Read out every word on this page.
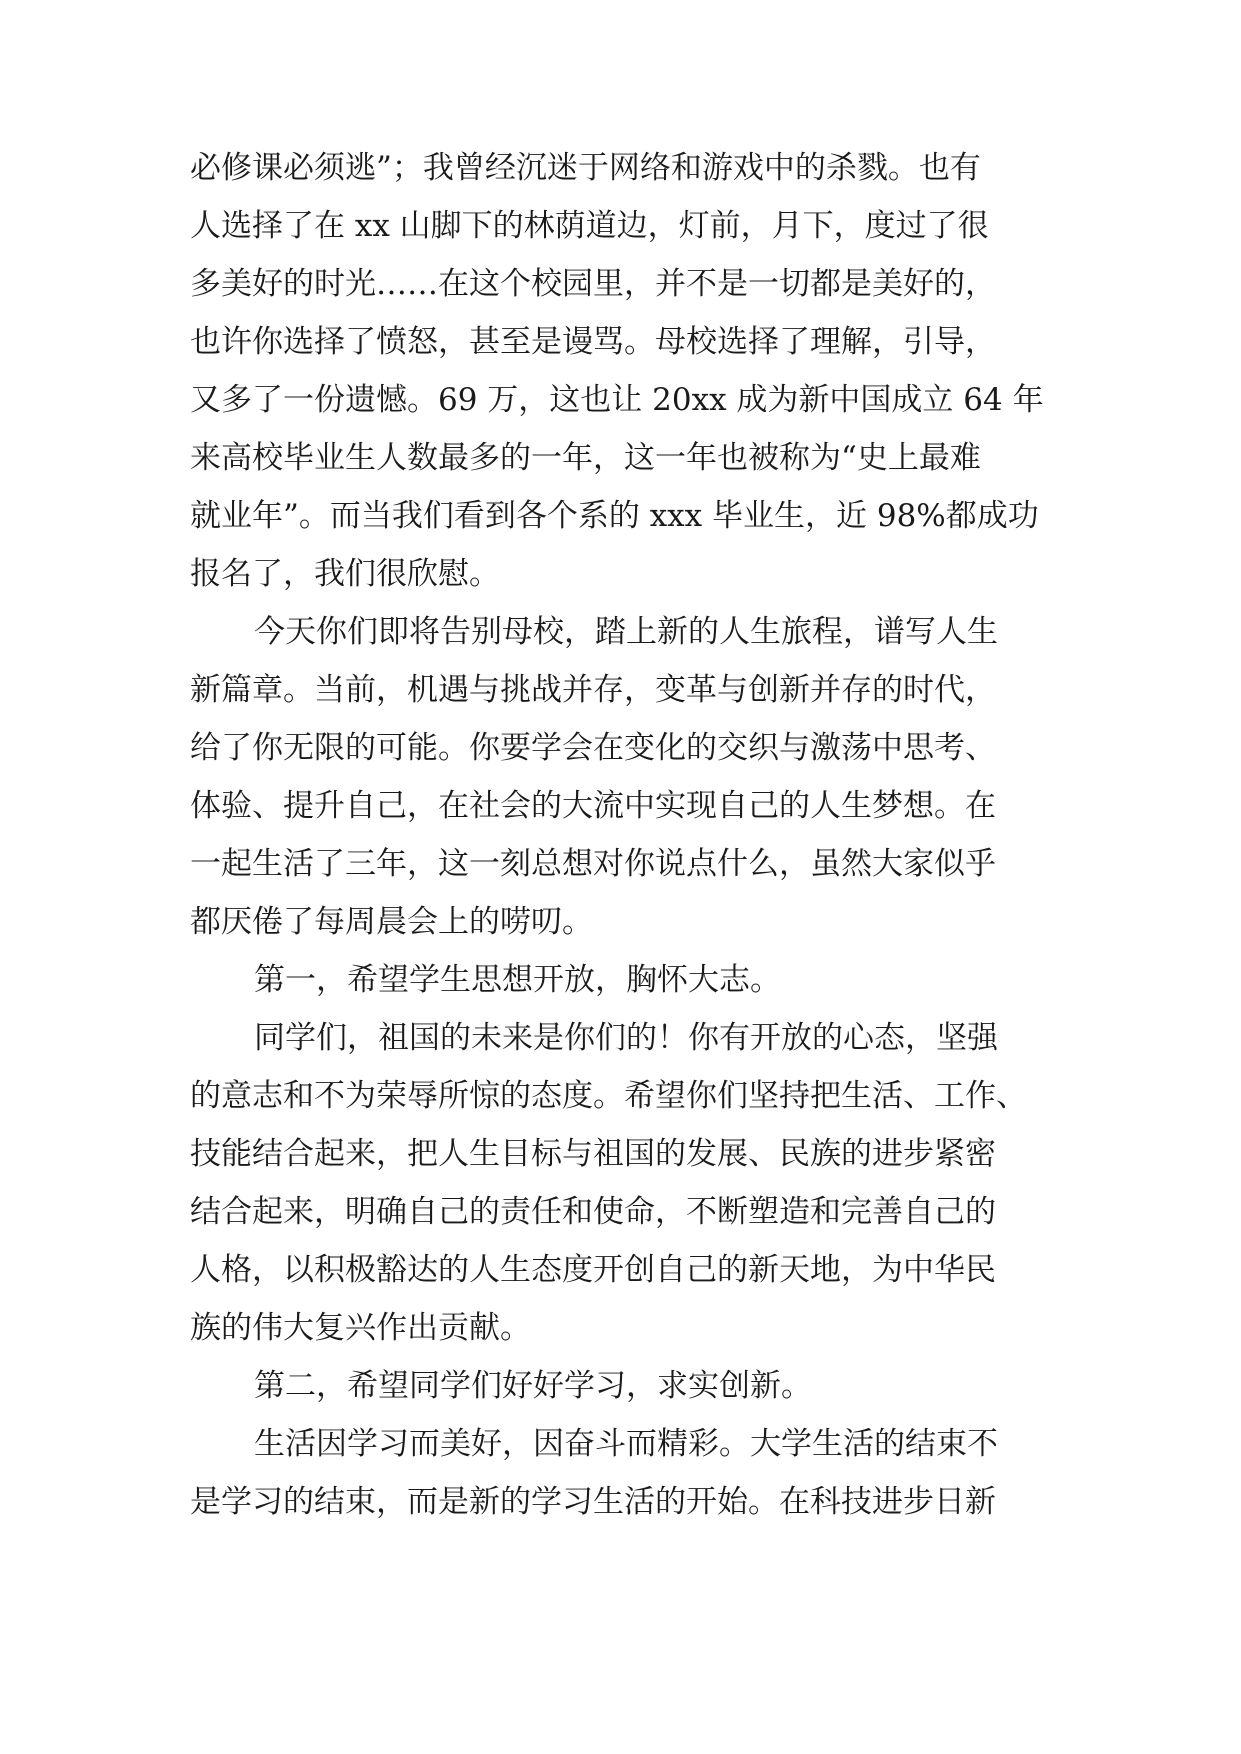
必修课必须逃”；我曾经沉迷于网络和游戏中的杀戮。也有
人选择了在 xx 山脚下的林荫道边，灯前，月下，度过了很
多美好的时光……在这个校园里，并不是一切都是美好的，
也许你选择了愤怒，甚至是谩骂。母校选择了理解，引导，
又多了一份遗憾。69 万，这也让 20xx 成为新中国成立 64 年
来高校毕业生人数最多的一年，这一年也被称为“史上最难
就业年”。而当我们看到各个系的 xxx 毕业生，近 98%都成功
报名了，我们很欣慰。
今天你们即将告别母校，踏上新的人生旅程，谱写人生
新篇章。当前，机遇与挑战并存，变革与创新并存的时代，
给了你无限的可能。你要学会在变化的交织与激荡中思考、
体验、提升自己，在社会的大流中实现自己的人生梦想。在
一起生活了三年，这一刻总想对你说点什么，虽然大家似乎
都厌倦了每周晨会上的唠叨。
第一，希望学生思想开放，胸怀大志。
同学们，祖国的未来是你们的！你有开放的心态，坚强
的意志和不为荣辱所惊的态度。希望你们坚持把生活、工作、
技能结合起来，把人生目标与祖国的发展、民族的进步紧密
结合起来，明确自己的责任和使命，不断塑造和完善自己的
人格，以积极豁达的人生态度开创自己的新天地，为中华民
族的伟大复兴作出贡献。
第二，希望同学们好好学习，求实创新。
生活因学习而美好，因奋斗而精彩。大学生活的结束不
是学习的结束，而是新的学习生活的开始。在科技进步日新
